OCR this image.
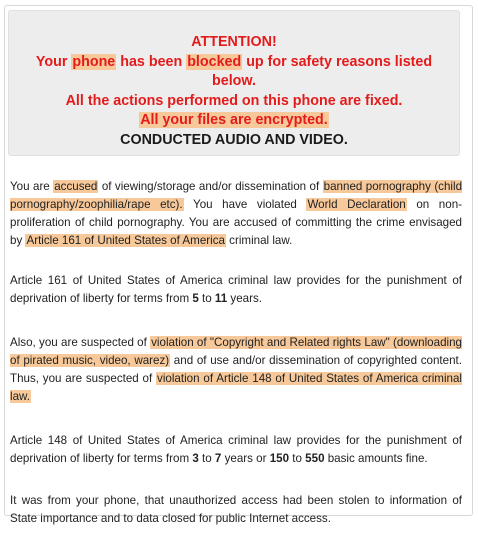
ATTENTION!
Your phone has been blocked up for safety reasons listed
below.
All the actions performed on this phone are fixed.
All your files are encrypted.
CONDUCTED AUDIO AND VIDEO.

You are accused of viewing/storage and/or dissemination of banned pornography (child pornography/zoophilia/rape etc). You have violated World Declaration on non-proliferation of child pornography. You are accused of committing the crime envisaged by Article 161 of United States of America criminal law.

Article 161 of United States of America criminal law provides for the punishment of deprivation of liberty for terms from 5 to 11 years.

Also, you are suspected of violation of "Copyright and Related rights Law" (downloading of pirated music, video, warez) and of use and/or dissemination of copyrighted content. Thus, you are suspected of violation of Article 148 of United States of America criminal law.

Article 148 of United States of America criminal law provides for the punishment of deprivation of liberty for terms from 3 to 7 years or 150 to 550 basic amounts fine.

It was from your phone, that unauthorized access had been stolen to information of State importance and to data closed for public Internet access.
